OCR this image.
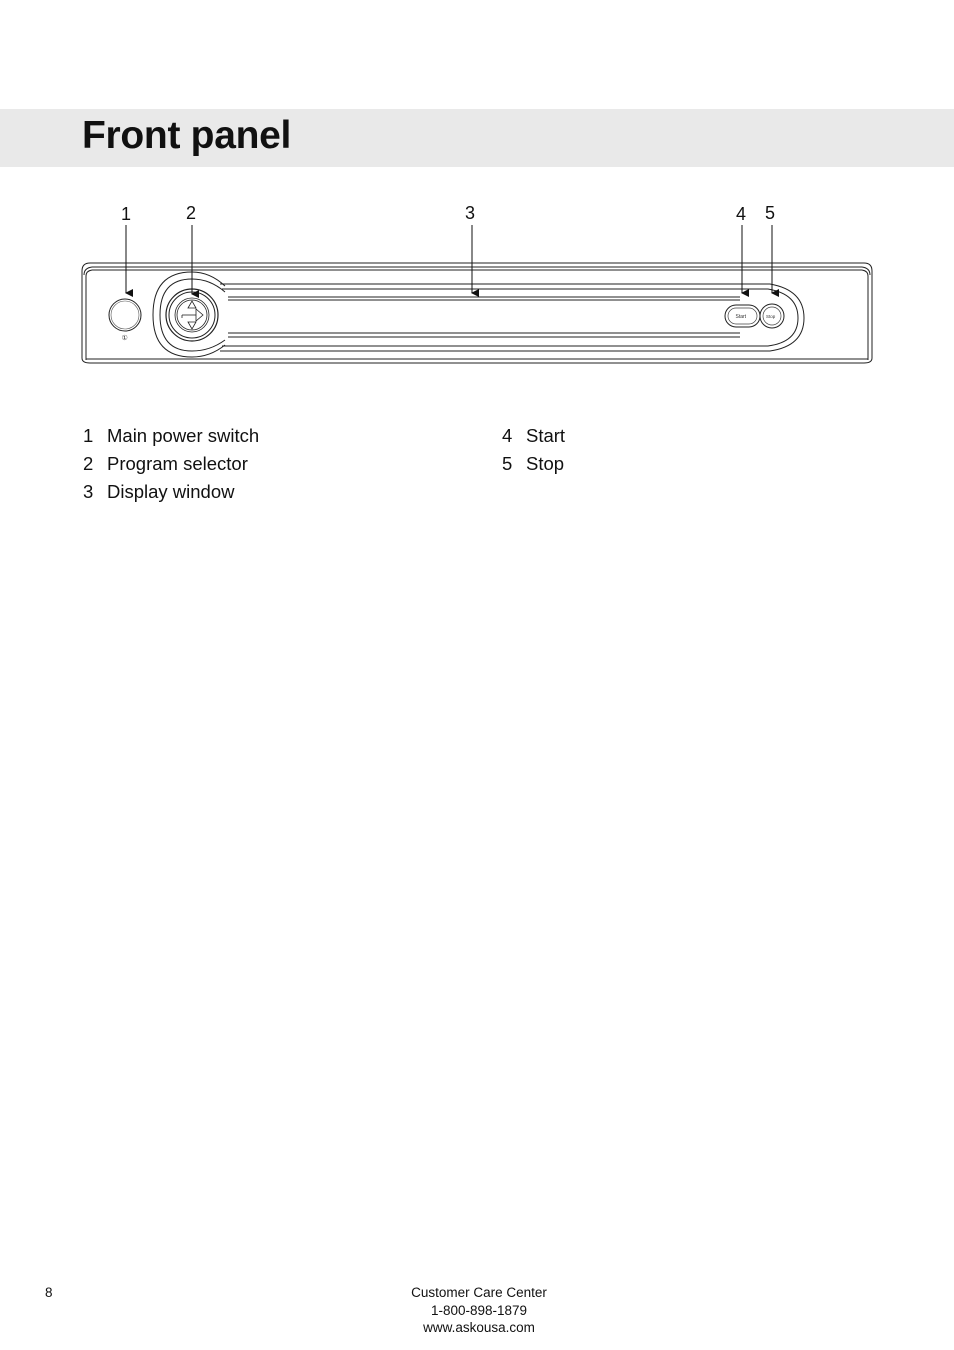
Front panel
1	2	3	4 5
①
Start	Stop
1 Main power switch
2 Program selector
3 Display window
4 Start
5 Stop
8	Customer Care Center
1-800-898-1879
www.askousa.com
